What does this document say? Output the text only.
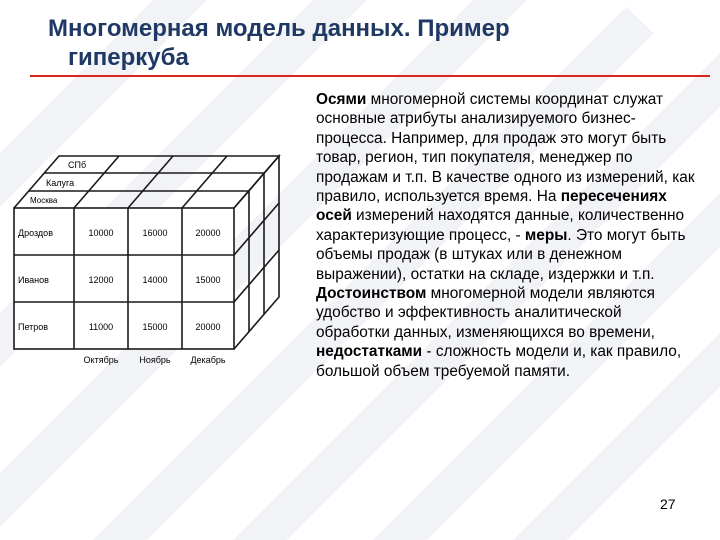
Многомерная модель данных. Пример
гиперкуба
СПб
Калуга
Москва
Дроздов	10000	16000	20000
Иванов	12000	14000	15000
Петров	11000	15000	20000
Октябрь Ноябрь Декабрь

Осями многомерной системы координат служат основные атрибуты анализируемого бизнес-процесса. Например, для продаж это могут быть товар, регион, тип покупателя, менеджер по продажам и т.п. В качестве одного из измерений, как правило, используется время. На пересечениях осей измерений находятся данные, количественно характеризующие процесс, - меры. Это могут быть объемы продаж (в штуках или в денежном выражении), остатки на складе, издержки и т.п.

Достоинством многомерной модели являются удобство и эффективность аналитической обработки данных, изменяющихся во времени, недостатками - сложность модели и, как правило, большой объем требуемой памяти.

27
